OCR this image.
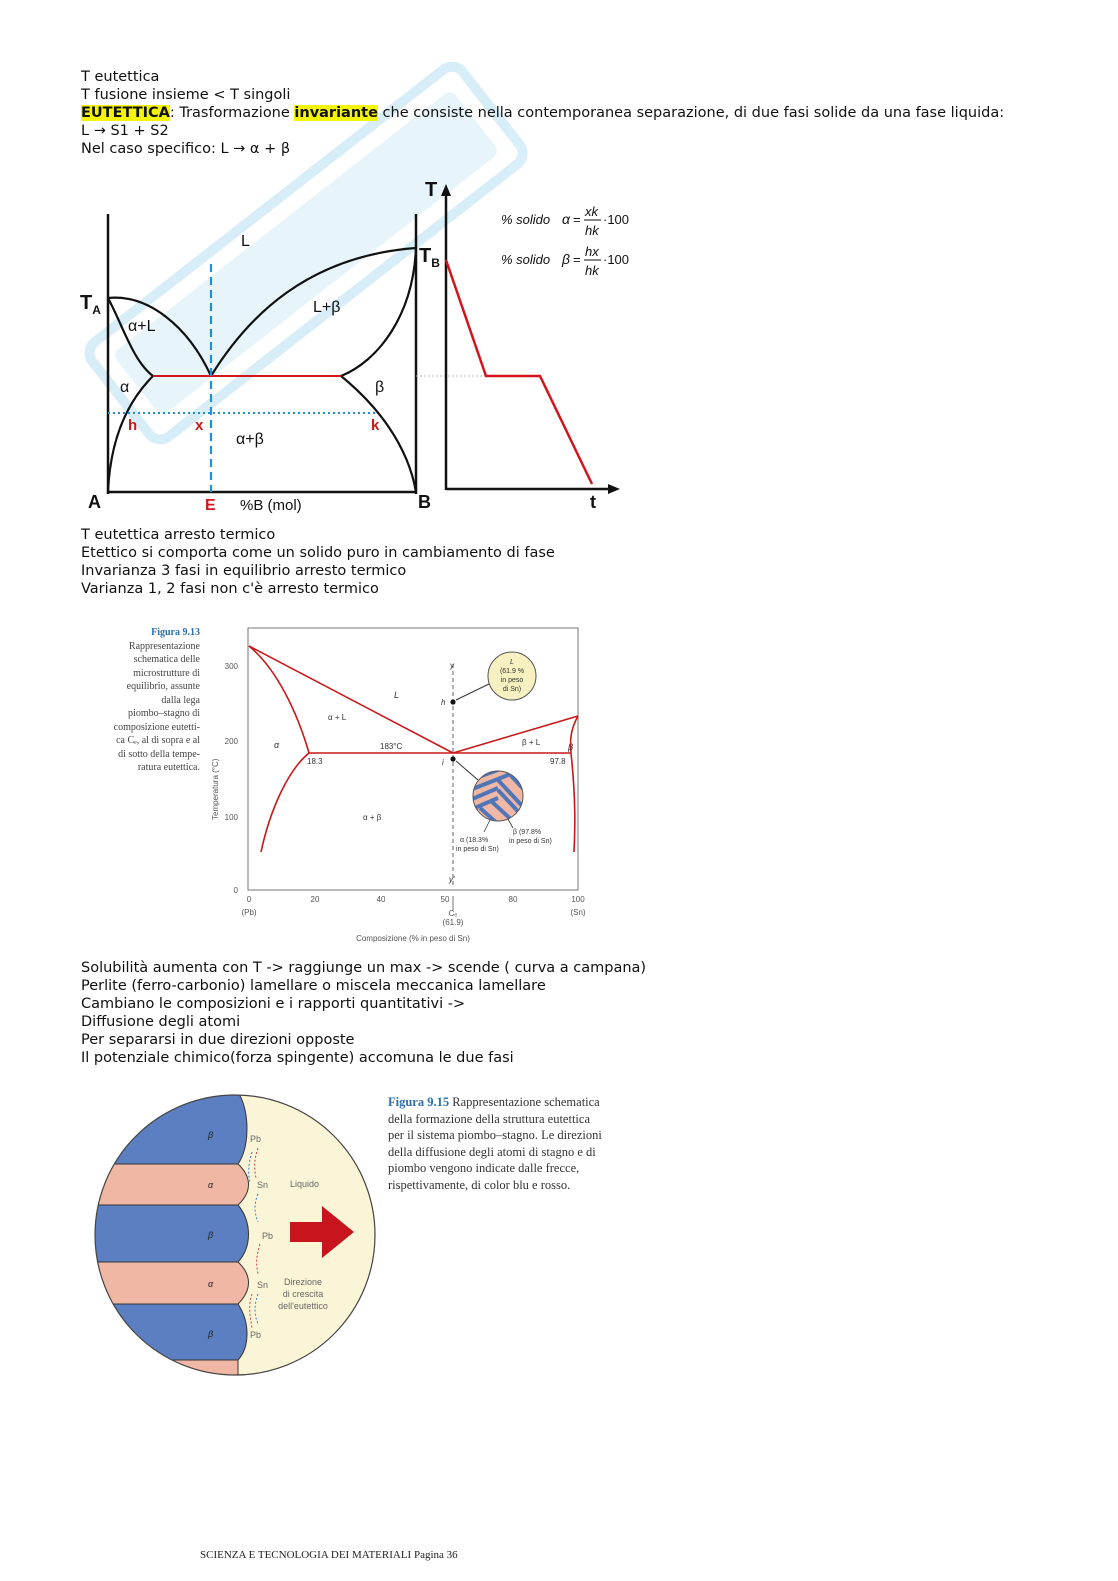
T eutettica
T fusione insieme < T singoli
EUTETTICA: Trasformazione invariante che consiste nella contemporanea separazione, di due fasi solide da una fase liquida:
L → S1 + S2
Nel caso specifico: L → α + β
$T_A$
$T_B$
L
α+L
L+β
α	β
α+β
h	x	k
A	E %B (mol)	B
T
t
% solido α =
xk
hk
·100
% solido β =
hx
hk
·100
T eutettica arresto termico
Etettico si comporta come un solido puro in cambiamento di fase
Invarianza 3 fasi in equilibrio arresto termico
Varianza 1, 2 fasi non c'è arresto termico
Figura 9.13
Rappresentazione
schematica delle
microstrutture di
equilibrio, assunte
dalla lega
piombo–stagno di
composizione eutetti-
ca Cₑ, al di sopra e al
di sotto della tempe-
ratura eutettica.
0
100
200
300
Temperatura (°C)
0	20	40	50	80	100
(Pb)	(Sn)
Cₑ
(61.9)
Composizione (% in peso di Sn)
L
α + L
β + L
α	β
α + β
183°C
18.3	97.8
y
y'
h
i
L
(61.9 %
in peso
di Sn)
α (18.3%
in peso di Sn)
β (97.8%
in peso di Sn)
Solubilità aumenta con T -> raggiunge un max -> scende ( curva a campana)
Perlite (ferro-carbonio) lamellare o miscela meccanica lamellare
Cambiano le composizioni e i rapporti quantitativi ->
Diffusione degli atomi
Per separarsi in due direzioni opposte
Il potenziale chimico(forza spingente) accomuna le due fasi
β
α
β
α
β
Pb
Sn
Pb
Sn
Pb
Liquido
Direzione
di crescita
dell'eutettico
Figura 9.15 Rappresentazione schematica
della formazione della struttura eutettica
per il sistema piombo–stagno. Le direzioni
della diffusione degli atomi di stagno e di
piombo vengono indicate dalle frecce,
rispettivamente, di color blu e rosso.
SCIENZA E TECNOLOGIA DEI MATERIALI Pagina 36
